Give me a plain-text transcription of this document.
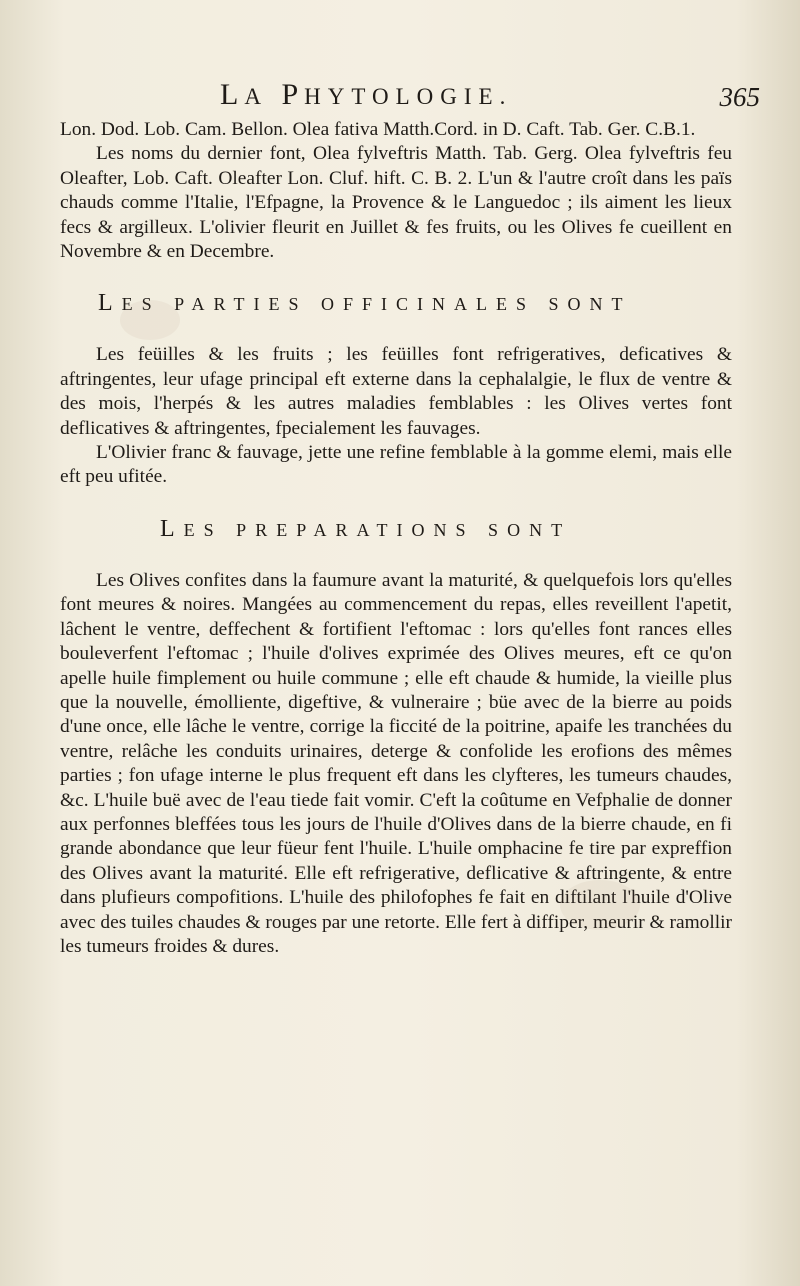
LA PHYTOLOGIE.	365

Lon. Dod. Lob. Cam. Bellon. Olea fativa Matth.Cord. in D. Caft. Tab. Ger. C.B.1.

Les noms du dernier font, Olea fylveftris Matth. Tab. Gerg. Olea fylveftris feu Oleafter, Lob. Caft. Oleafter Lon. Cluf. hift. C. B. 2. L'un & l'autre croît dans les païs chauds comme l'Italie, l'Efpagne, la Provence & le Languedoc ; ils aiment les lieux fecs & argilleux. L'olivier fleurit en Juillet & fes fruits, ou les Olives fe cueillent en Novembre & en Decembre.

LES PARTIES OFFICINALES SONT

Les feüilles & les fruits ; les feüilles font refrigeratives, deficatives & aftringentes, leur ufage principal eft externe dans la cephalalgie, le flux de ventre & des mois, l'herpés & les autres maladies femblables : les Olives vertes font deflicatives & aftringentes, fpecialement les fauvages.

L'Olivier franc & fauvage, jette une refine femblable à la gomme elemi, mais elle eft peu ufitée.

LES PREPARATIONS SONT

Les Olives confites dans la faumure avant la maturité, & quelquefois lors qu'elles font meures & noires. Mangées au commencement du repas, elles reveillent l'apetit, lâchent le ventre, deffechent & fortifient l'eftomac : lors qu'elles font rances elles bouleverfent l'eftomac ; l'huile d'olives exprimée des Olives meures, eft ce qu'on apelle huile fimplement ou huile commune ; elle eft chaude & humide, la vieille plus que la nouvelle, émolliente, digeftive, & vulneraire ; büe avec de la bierre au poids d'une once, elle lâche le ventre, corrige la ficcité de la poitrine, apaife les tranchées du ventre, relâche les conduits urinaires, deterge & confolide les erofions des mêmes parties ; fon ufage interne le plus frequent eft dans les clyfteres, les tumeurs chaudes, &c. L'huile buë avec de l'eau tiede fait vomir. C'eft la coûtume en Vefphalie de donner aux perfonnes bleffées tous les jours de l'huile d'Olives dans de la bierre chaude, en fi grande abondance que leur füeur fent l'huile. L'huile omphacine fe tire par expreffion des Olives avant la maturité. Elle eft refrigerative, deflicative & aftringente, & entre dans plufieurs compofitions. L'huile des philofophes fe fait en diftilant l'huile d'Olive avec des tuiles chaudes & rouges par une retorte. Elle fert à diffiper, meurir & ramollir les tumeurs froides & dures.
